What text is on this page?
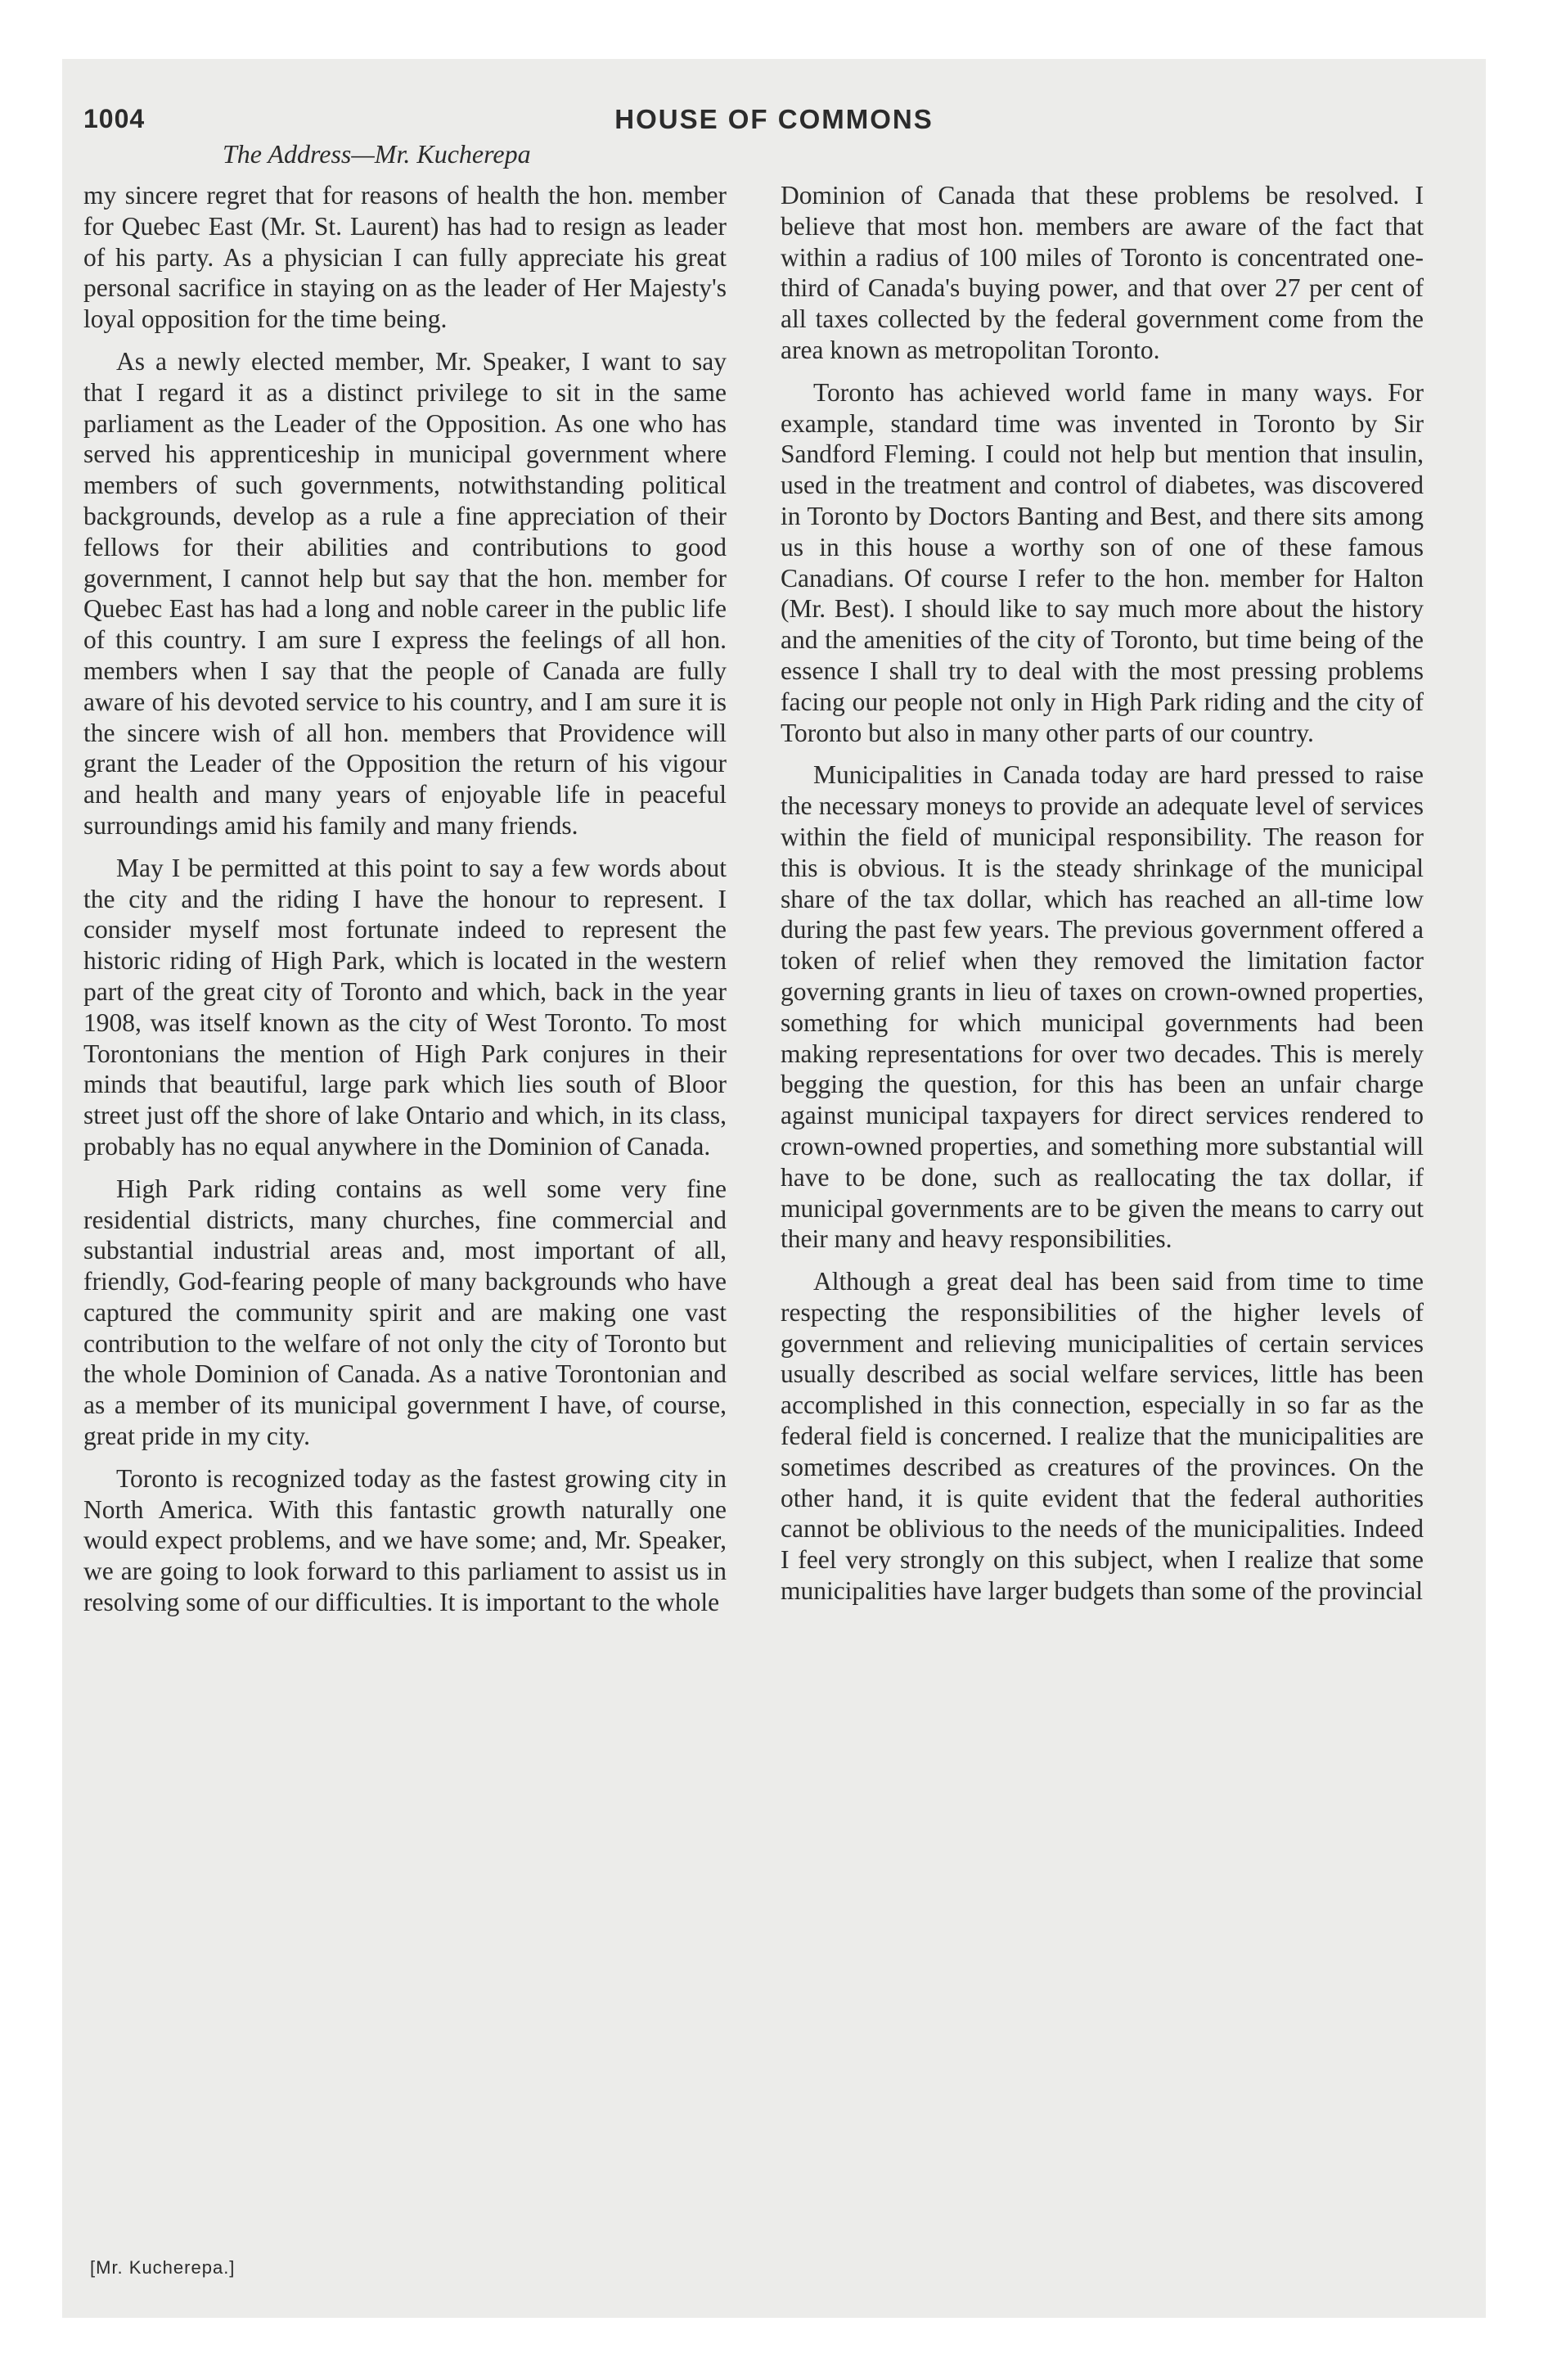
1004	HOUSE OF COMMONS
The Address—Mr. Kucherepa

my sincere regret that for reasons of health the hon. member for Quebec East (Mr. St. Laurent) has had to resign as leader of his party. As a physician I can fully appreciate his great personal sacrifice in staying on as the leader of Her Majesty's loyal opposition for the time being.

As a newly elected member, Mr. Speaker, I want to say that I regard it as a distinct privilege to sit in the same parliament as the Leader of the Opposition. As one who has served his apprenticeship in municipal government where members of such governments, notwithstanding political backgrounds, develop as a rule a fine appreciation of their fellows for their abilities and contributions to good government, I cannot help but say that the hon. member for Quebec East has had a long and noble career in the public life of this country. I am sure I express the feelings of all hon. members when I say that the people of Canada are fully aware of his devoted service to his country, and I am sure it is the sincere wish of all hon. members that Providence will grant the Leader of the Opposition the return of his vigour and health and many years of enjoyable life in peaceful surroundings amid his family and many friends.

May I be permitted at this point to say a few words about the city and the riding I have the honour to represent. I consider myself most fortunate indeed to represent the historic riding of High Park, which is located in the western part of the great city of Toronto and which, back in the year 1908, was itself known as the city of West Toronto. To most Torontonians the mention of High Park conjures in their minds that beautiful, large park which lies south of Bloor street just off the shore of lake Ontario and which, in its class, probably has no equal anywhere in the Dominion of Canada.

High Park riding contains as well some very fine residential districts, many churches, fine commercial and substantial industrial areas and, most important of all, friendly, God-fearing people of many backgrounds who have captured the community spirit and are making one vast contribution to the welfare of not only the city of Toronto but the whole Dominion of Canada. As a native Torontonian and as a member of its municipal government I have, of course, great pride in my city.

Toronto is recognized today as the fastest growing city in North America. With this fantastic growth naturally one would expect problems, and we have some; and, Mr. Speaker, we are going to look forward to this parliament to assist us in resolving some of our difficulties. It is important to the whole

Dominion of Canada that these problems be resolved. I believe that most hon. members are aware of the fact that within a radius of 100 miles of Toronto is concentrated one-third of Canada's buying power, and that over 27 per cent of all taxes collected by the federal government come from the area known as metropolitan Toronto.

Toronto has achieved world fame in many ways. For example, standard time was invented in Toronto by Sir Sandford Fleming. I could not help but mention that insulin, used in the treatment and control of diabetes, was discovered in Toronto by Doctors Banting and Best, and there sits among us in this house a worthy son of one of these famous Canadians. Of course I refer to the hon. member for Halton (Mr. Best). I should like to say much more about the history and the amenities of the city of Toronto, but time being of the essence I shall try to deal with the most pressing problems facing our people not only in High Park riding and the city of Toronto but also in many other parts of our country.

Municipalities in Canada today are hard pressed to raise the necessary moneys to provide an adequate level of services within the field of municipal responsibility. The reason for this is obvious. It is the steady shrinkage of the municipal share of the tax dollar, which has reached an all-time low during the past few years. The previous government offered a token of relief when they removed the limitation factor governing grants in lieu of taxes on crown-owned properties, something for which municipal governments had been making representations for over two decades. This is merely begging the question, for this has been an unfair charge against municipal taxpayers for direct services rendered to crown-owned properties, and something more substantial will have to be done, such as reallocating the tax dollar, if municipal governments are to be given the means to carry out their many and heavy responsibilities.

Although a great deal has been said from time to time respecting the responsibilities of the higher levels of government and relieving municipalities of certain services usually described as social welfare services, little has been accomplished in this connection, especially in so far as the federal field is concerned. I realize that the municipalities are sometimes described as creatures of the provinces. On the other hand, it is quite evident that the federal authorities cannot be oblivious to the needs of the municipalities. Indeed I feel very strongly on this subject, when I realize that some municipalities have larger budgets than some of the provincial

[Mr. Kucherepa.]
